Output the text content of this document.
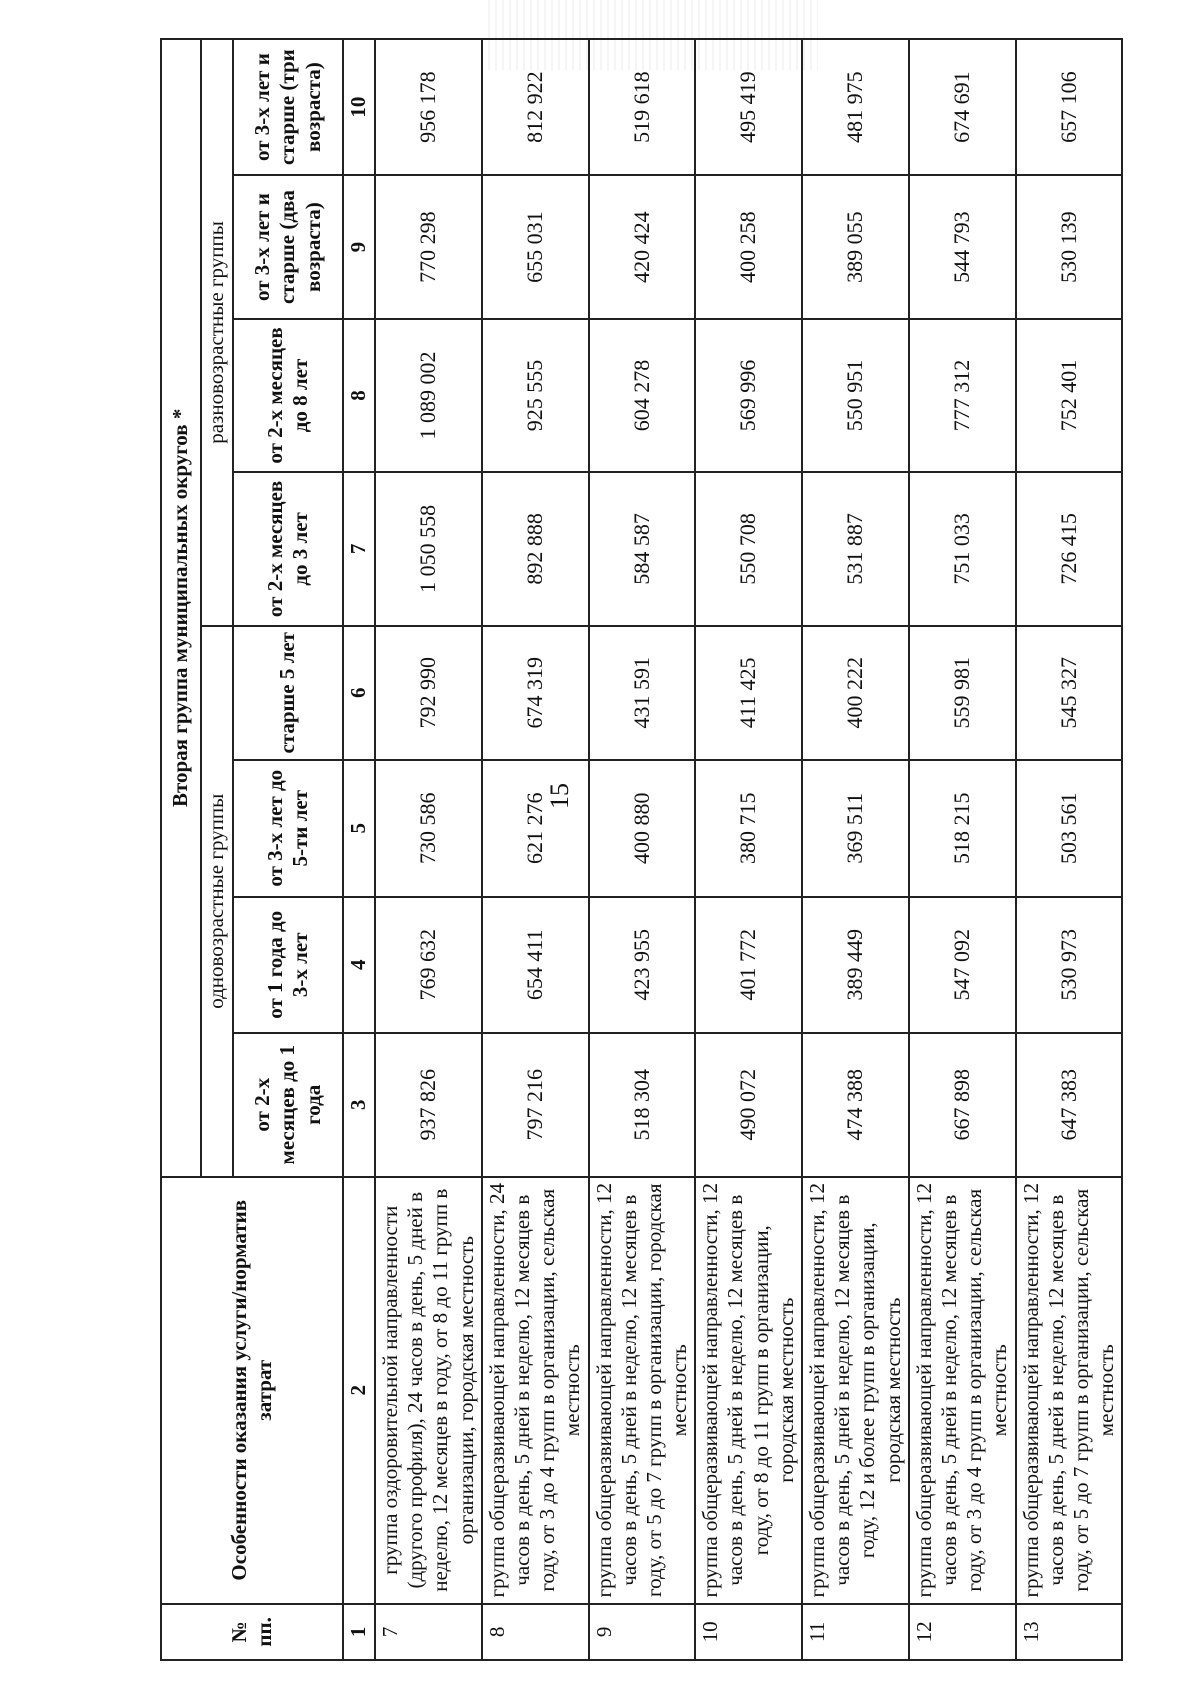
15
№ пп.	Особенности оказания услуги/норматив затрат	Вторая группа муниципальных округов *							
		одновозрастные группы				разновозрастные группы			
		от 2-х месяцев до 1 года	от 1 года до 3-х лет	от 3-х лет до 5-ти лет	старше 5 лет	от 2-х месяцев до 3 лет	от 2-х месяцев до 8 лет	от 3-х лет и старше (два возраста)	от 3-х лет и старше (три возраста)
1	2	3	4	5	6	7	8	9	10
7	группа оздоровительной направленности (другого профиля), 24 часов в день, 5 дней в неделю, 12 месяцев в году, от 8 до 11 групп в организации, городская местность	937 826	769 632	730 586	792 990	1 050 558	1 089 002	770 298	956 178
8	группа общеразвивающей направленности, 24 часов в день, 5 дней в неделю, 12 месяцев в году, от 3 до 4 групп в организации, сельская местность	797 216	654 411	621 276	674 319	892 888	925 555	655 031	812 922
9	группа общеразвивающей направленности, 12 часов в день, 5 дней в неделю, 12 месяцев в году, от 5 до 7 групп в организации, городская местность	518 304	423 955	400 880	431 591	584 587	604 278	420 424	519 618
10	группа общеразвивающей направленности, 12 часов в день, 5 дней в неделю, 12 месяцев в году, от 8 до 11 групп в организации, городская местность	490 072	401 772	380 715	411 425	550 708	569 996	400 258	495 419
11	группа общеразвивающей направленности, 12 часов в день, 5 дней в неделю, 12 месяцев в году, 12 и более групп в организации, городская местность	474 388	389 449	369 511	400 222	531 887	550 951	389 055	481 975
12	группа общеразвивающей направленности, 12 часов в день, 5 дней в неделю, 12 месяцев в году, от 3 до 4 групп в организации, сельская местность	667 898	547 092	518 215	559 981	751 033	777 312	544 793	674 691
13	группа общеразвивающей направленности, 12 часов в день, 5 дней в неделю, 12 месяцев в году, от 5 до 7 групп в организации, сельская местность	647 383	530 973	503 561	545 327	726 415	752 401	530 139	657 106
